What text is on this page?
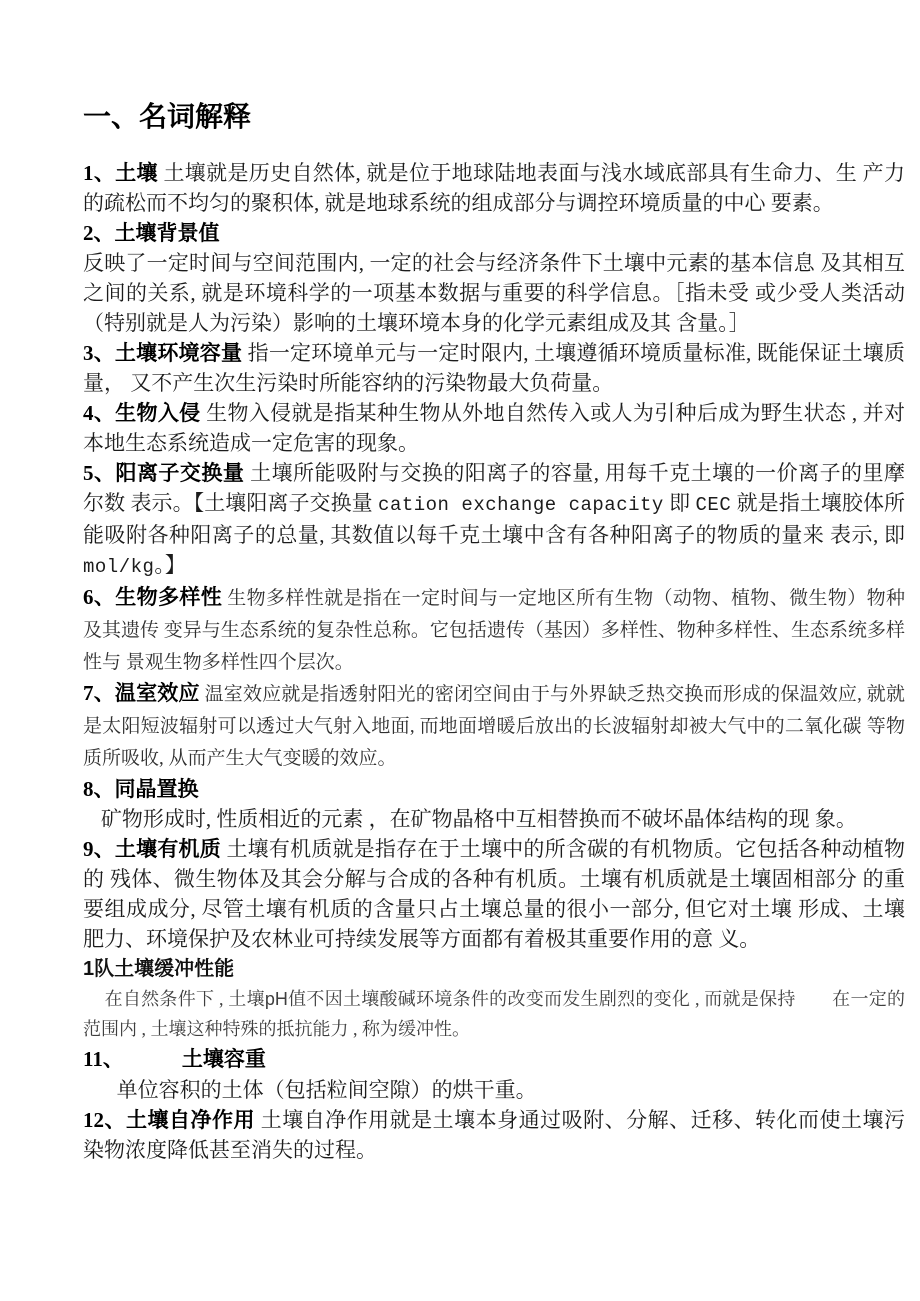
一、名词解释

1、土壤 土壤就是历史自然体, 就是位于地球陆地表面与浅水域底部具有生命力、生 产力的疏松而不均匀的聚积体, 就是地球系统的组成部分与调控环境质量的中心 要素。

2、土壤背景值
反映了一定时间与空间范围内, 一定的社会与经济条件下土壤中元素的基本信息 及其相互之间的关系, 就是环境科学的一项基本数据与重要的科学信息。［指未受 或少受人类活动（特别就是人为污染）影响的土壤环境本身的化学元素组成及其 含量。］

3、土壤环境容量 指一定环境单元与一定时限内, 土壤遵循环境质量标准, 既能保证土壤质量， 又不产生次生污染时所能容纳的污染物最大负荷量。

4、生物入侵 生物入侵就是指某种生物从外地自然传入或人为引种后成为野生状态 , 并对本地生态系统造成一定危害的现象。

5、阳离子交换量 土壤所能吸附与交换的阳离子的容量, 用每千克土壤的一价离子的里摩尔数 表示。【土壤阳离子交换量 cation exchange capacity 即 CEC 就是指土壤胶体所能吸附各种阳离子的总量, 其数值以每千克土壤中含有各种阳离子的物质的量来 表示, 即 mol/kg。】

6、生物多样性 生物多样性就是指在一定时间与一定地区所有生物（动物、植物、微生物）物种及其遗传 变异与生态系统的复杂性总称。它包括遗传（基因）多样性、物种多样性、生态系统多样性与 景观生物多样性四个层次。

7、温室效应 温室效应就是指透射阳光的密闭空间由于与外界缺乏热交换而形成的保温效应, 就就是太阳短波辐射可以透过大气射入地面, 而地面增暖后放出的长波辐射却被大气中的二氧化碳 等物质所吸收, 从而产生大气变暖的效应。

8、同晶置换

矿物形成时, 性质相近的元素 ，在矿物晶格中互相替换而不破坏晶体结构的现 象。

9、土壤有机质 土壤有机质就是指存在于土壤中的所含碳的有机物质。它包括各种动植物的 残体、微生物体及其会分解与合成的各种有机质。土壤有机质就是土壤固相部分 的重要组成成分, 尽管土壤有机质的含量只占土壤总量的很小一部分, 但它对土壤 形成、土壤肥力、环境保护及农林业可持续发展等方面都有着极其重要作用的意 义。

1队土壤缓冲性能

在自然条件下 , 土壤pH值不因土壤酸碱环境条件的改变而发生剧烈的变化 , 而就是保持　　在一定的范围内 , 土壤这种特殊的抵抗能力 , 称为缓冲性。

11、	土壤容重

单位容积的土体（包括粒间空隙）的烘干重。

12、土壤自净作用 土壤自净作用就是土壤本身通过吸附、分解、迁移、转化而使土壤污染物浓度降低甚至消失的过程。
